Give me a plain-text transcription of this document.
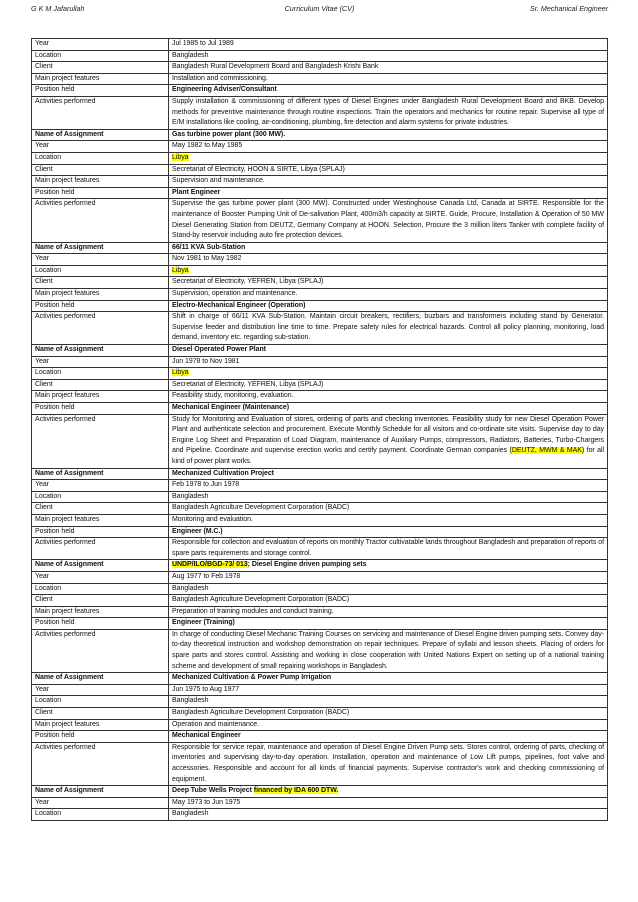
G K M Jafarullah	Curriculum Vitae (CV)	Sr. Mechanical Engineer
Year	Jul 1985 to Jul 1989
Location	Bangladesh
Client	Bangladesh Rural Development Board and Bangladesh Krishi Bank
Main project features	Installation and commissioning.
Position held	Engineering Adviser/Consultant
Activities performed	Supply installation & commissioning of different types of Diesel Engines under Bangladesh Rural Development Board and BKB. Develop methods for preventive maintenance through routine inspections. Train the operators and mechanics for routine repair. Supervise all type of E/M installations like cooling, air-conditioning, plumbing, fire detection and alarm systems for private industries.
Name of Assignment	Gas turbine power plant (300 MW).
Year	May 1982 to May 1985
Location	Libya
Client	Secretariat of Electricity, HOON & SIRTE, Libya (SPLAJ)
Main project features	Supervision and maintenance.
Position held	Plant Engineer
Activities performed	Supervise the gas turbine power plant (300 MW). Constructed under Westinghouse Canada Ltd, Canada at SIRTE. Responsible for the maintenance of Booster Pumping Unit of De-salivation Plant, 400m3/h capacity at SIRTE. Guide, Procure, Installation & Operation of 50 MW Diesel Generating Station from DEUTZ, Germany Company at HOON. Selection, Procure the 3 million liters Tanker with complete facility of Stand-by reservoir including auto fire protection devices.
Name of Assignment	66/11 KVA Sub-Station
Year	Nov 1981 to May 1982
Location	Libya
Client	Secretariat of Electricity, YEFREN, Libya (SPLAJ)
Main project features	Supervision, operation and maintenance.
Position held	Electro-Mechanical Engineer (Operation)
Activities performed	Shift in charge of 66/11 KVA Sub-Station. Maintain circuit breakers, rectifiers, buzbars and transformers including stand by Generator. Supervise feeder and distribution line time to time. Prepare safety rules for electrical hazards. Control all policy planning, monitoring, load demand, inventory etc. regarding sub-station.
Name of Assignment	Diesel Operated Power Plant
Year	Jun 1978 to Nov 1981
Location	Libya
Client	Secretariat of Electricity, YEFREN, Libya (SPLAJ)
Main project features	Feasibility study, monitoring, evaluation.
Position held	Mechanical Engineer (Maintenance)
Activities performed	Study for Monitoring and Evaluation of stores, ordering of parts and checking inventories. Feasibility study for new Diesel Operation Power Plant and authenticate selection and procurement. Execute Monthly Schedule for all visitors and co-ordinate site visits. Supervise day to day Engine Log Sheet and Preparation of Load Diagram, maintenance of Auxiliary Pumps, compressors, Radiators, Batteries, Turbo-Chargers and Pipeline. Coordinate and supervise erection works and certify payment. Coordinate German companies (DEUTZ, MWM & MAK) for all kind of power plant works.
Name of Assignment	Mechanized Cultivation Project
Year	Feb 1978 to Jun 1978
Location	Bangladesh
Client	Bangladesh Agriculture Development Corporation (BADC)
Main project features	Monitoring and evaluation.
Position held	Engineer (M.C.)
Activities performed	Responsible for collection and evaluation of reports on monthly Tractor cultivatable lands throughout Bangladesh and preparation of reports of spare parts requirements and storage control.
Name of Assignment	UNDP/ILO/BGD-73/ 013; Diesel Engine driven pumping sets
Year	Aug 1977 to Feb 1978
Location	Bangladesh
Client	Bangladesh Agriculture Development Corporation (BADC)
Main project features	Preparation of training modules and conduct training.
Position held	Engineer (Training)
Activities performed	In charge of conducting Diesel Mechanic Training Courses on servicing and maintenance of Diesel Engine driven pumping sets. Convey day-to-day theoretical instruction and workshop demonstration on repair techniques. Prepare of syllabi and lesson sheets. Placing of orders for spare parts and stores control. Assisting and working in close cooperation with United Nations Expert on setting up of a national training scheme and development of small repairing workshops in Bangladesh.
Name of Assignment	Mechanized Cultivation & Power Pump Irrigation
Year	Jun 1975 to Aug 1977
Location	Bangladesh
Client	Bangladesh Agriculture Development Corporation (BADC)
Main project features	Operation and maintenance.
Position held	Mechanical Engineer
Activities performed	Responsible for service repair, maintenance and operation of Diesel Engine Driven Pump sets. Stores control, ordering of parts, checking of inventories and supervising day-to-day operation. Installation, operation and maintenance of Low Lift pumps, pipelines, foot valve and accessories. Responsible and account for all kinds of financial payments. Supervise contractor's work and checking commissioning of equipment.
Name of Assignment	Deep Tube Wells Project financed by IDA 600 DTW.
Year	May 1973 to Jun 1975
Location	Bangladesh
